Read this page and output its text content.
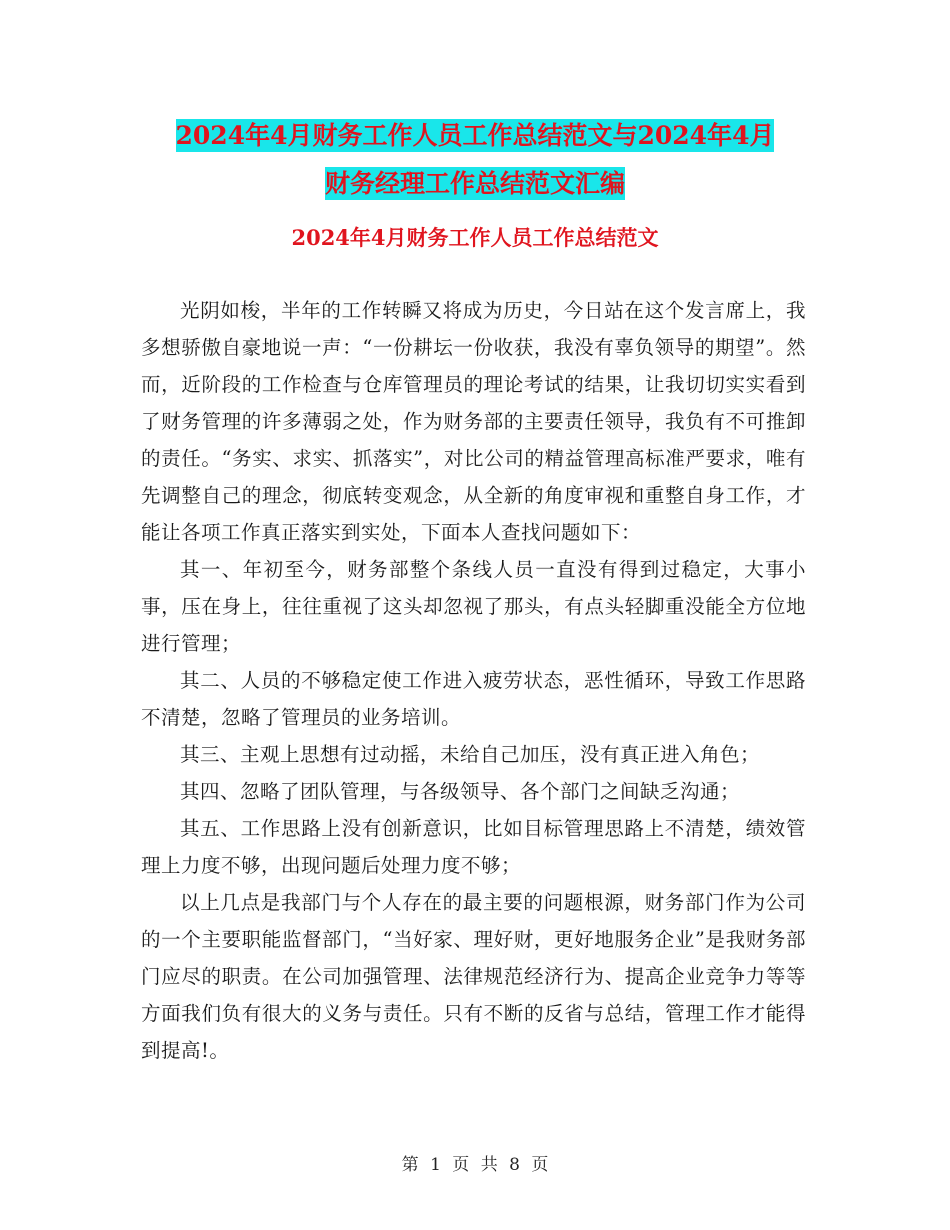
2024年4月财务工作人员工作总结范文与2024年4月
财务经理工作总结范文汇编
2024年4月财务工作人员工作总结范文

光阴如梭，半年的工作转瞬又将成为历史，今日站在这个发言席上，我多想骄傲自豪地说一声：“一份耕坛一份收获，我没有辜负领导的期望”。然而，近阶段的工作检查与仓库管理员的理论考试的结果，让我切切实实看到了财务管理的许多薄弱之处，作为财务部的主要责任领导，我负有不可推卸的责任。“务实、求实、抓落实”，对比公司的精益管理高标准严要求，唯有先调整自己的理念，彻底转变观念，从全新的角度审视和重整自身工作，才能让各项工作真正落实到实处，下面本人查找问题如下：

其一、年初至今，财务部整个条线人员一直没有得到过稳定，大事小事，压在身上，往往重视了这头却忽视了那头，有点头轻脚重没能全方位地进行管理；

其二、人员的不够稳定使工作进入疲劳状态，恶性循环，导致工作思路不清楚，忽略了管理员的业务培训。

其三、主观上思想有过动摇，未给自己加压，没有真正进入角色；

其四、忽略了团队管理，与各级领导、各个部门之间缺乏沟通；

其五、工作思路上没有创新意识，比如目标管理思路上不清楚，绩效管理上力度不够，出现问题后处理力度不够；

以上几点是我部门与个人存在的最主要的问题根源，财务部门作为公司的一个主要职能监督部门，“当好家、理好财，更好地服务企业”是我财务部门应尽的职责。在公司加强管理、法律规范经济行为、提高企业竞争力等等方面我们负有很大的义务与责任。只有不断的反省与总结，管理工作才能得到提高!。

第 1 页 共 8 页
